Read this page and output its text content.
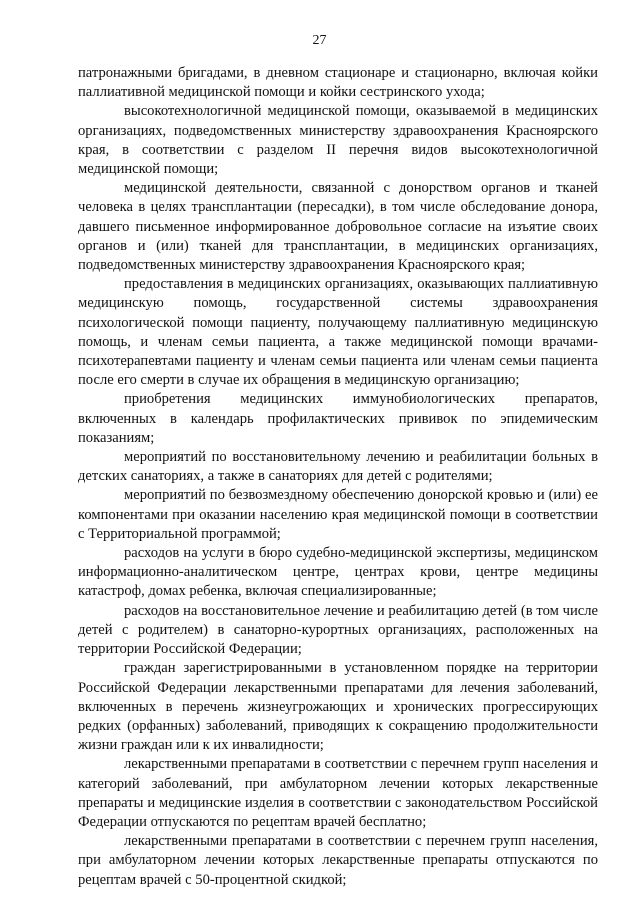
27

патронажными бригадами, в дневном стационаре и стационарно, включая койки паллиативной медицинской помощи и койки сестринского ухода;

высокотехнологичной медицинской помощи, оказываемой в медицинских организациях, подведомственных министерству здравоохранения Красноярского края, в соответствии с разделом II перечня видов высокотехнологичной медицинской помощи;

медицинской деятельности, связанной с донорством органов и тканей человека в целях трансплантации (пересадки), в том числе обследование донора, давшего письменное информированное добровольное согласие на изъятие своих органов и (или) тканей для трансплантации, в медицинских организациях, подведомственных министерству здравоохранения Красноярского края;

предоставления в медицинских организациях, оказывающих паллиативную медицинскую помощь, государственной системы здравоохранения психологической помощи пациенту, получающему паллиативную медицинскую помощь, и членам семьи пациента, а также медицинской помощи врачами-психотерапевтами пациенту и членам семьи пациента или членам семьи пациента после его смерти в случае их обращения в медицинскую организацию;

приобретения медицинских иммунобиологических препаратов, включенных в календарь профилактических прививок по эпидемическим показаниям;

мероприятий по восстановительному лечению и реабилитации больных в детских санаториях, а также в санаториях для детей с родителями;

мероприятий по безвозмездному обеспечению донорской кровью и (или) ее компонентами при оказании населению края медицинской помощи в соответствии с Территориальной программой;

расходов на услуги в бюро судебно-медицинской экспертизы, медицинском информационно-аналитическом центре, центрах крови, центре медицины катастроф, домах ребенка, включая специализированные;

расходов на восстановительное лечение и реабилитацию детей (в том числе детей с родителем) в санаторно-курортных организациях, расположенных на территории Российской Федерации;

граждан зарегистрированными в установленном порядке на территории Российской Федерации лекарственными препаратами для лечения заболеваний, включенных в перечень жизнеугрожающих и хронических прогрессирующих редких (орфанных) заболеваний, приводящих к сокращению продолжительности жизни граждан или к их инвалидности;

лекарственными препаратами в соответствии с перечнем групп населения и категорий заболеваний, при амбулаторном лечении которых лекарственные препараты и медицинские изделия в соответствии с законодательством Российской Федерации отпускаются по рецептам врачей бесплатно;

лекарственными препаратами в соответствии с перечнем групп населения, при амбулаторном лечении которых лекарственные препараты отпускаются по рецептам врачей с 50-процентной скидкой;
